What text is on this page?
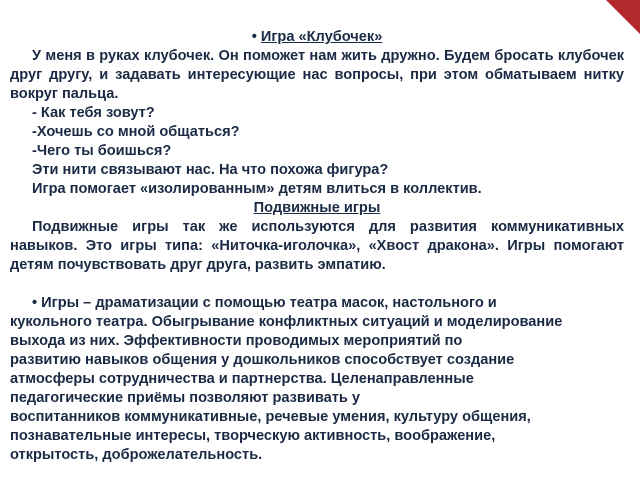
• Игра «Клубочек»

У меня в руках клубочек. Он поможет нам жить дружно. Будем бросать клубочек друг другу, и задавать интересующие нас вопросы, при этом обматываем нитку вокруг пальца.

- Как тебя зовут?

-Хочешь со мной общаться?

-Чего ты боишься?

Эти нити связывают нас. На что похожа фигура?

Игра помогает «изолированным» детям влиться в коллектив.

Подвижные игры

Подвижные игры так же используются для развития коммуникативных навыков. Это игры типа: «Ниточка-иголочка», «Хвост дракона». Игры помогают детям почувствовать друг друга, развить эмпатию.

• Игры – драматизации с помощью театра масок, настольного и

кукольного театра. Обыгрывание конфликтных ситуаций и моделирование

выхода из них. Эффективности проводимых мероприятий по

развитию навыков общения у дошкольников способствует создание

атмосферы сотрудничества и партнерства. Целенаправленные

педагогические приёмы позволяют развивать у

воспитанников коммуникативные, речевые умения, культуру общения,

познавательные интересы, творческую активность, воображение,

открытость, доброжелательность.
